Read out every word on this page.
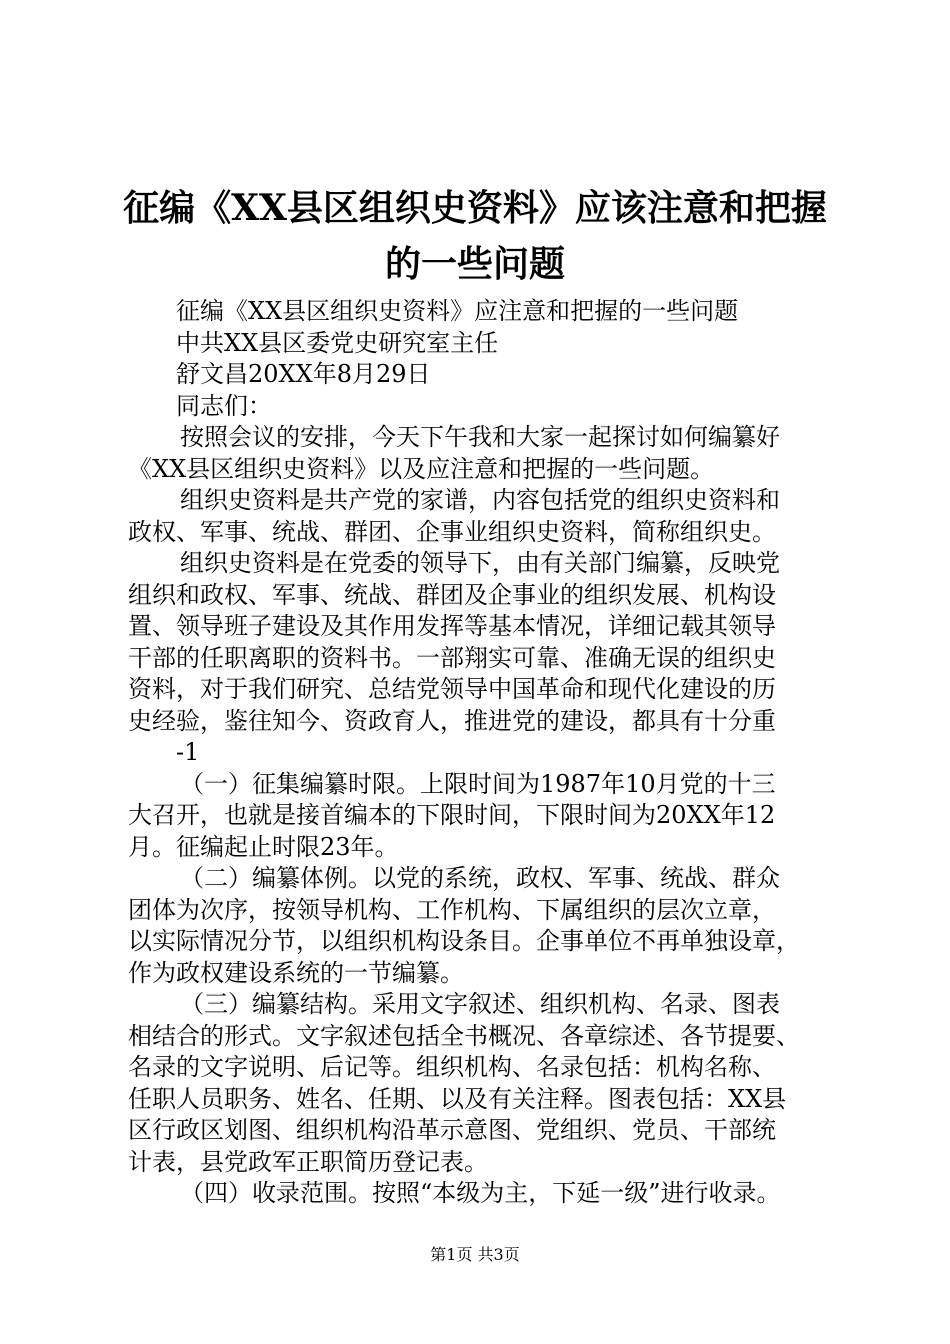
征编《XX县区组织史资料》应该注意和把握
的一些问题
征编《XX县区组织史资料》应注意和把握的一些问题
中共XX县区委党史研究室主任
舒文昌20XX年8月29日
同志们：
按照会议的安排，今天下午我和大家一起探讨如何编纂好
《XX县区组织史资料》以及应注意和把握的一些问题。
组织史资料是共产党的家谱，内容包括党的组织史资料和
政权、军事、统战、群团、企事业组织史资料，简称组织史。
组织史资料是在党委的领导下，由有关部门编纂，反映党
组织和政权、军事、统战、群团及企事业的组织发展、机构设
置、领导班子建设及其作用发挥等基本情况，详细记载其领导
干部的任职离职的资料书。一部翔实可靠、准确无误的组织史
资料，对于我们研究、总结党领导中国革命和现代化建设的历
史经验，鉴往知今、资政育人，推进党的建设，都具有十分重
-1
（一）征集编纂时限。上限时间为1987年10月党的十三
大召开，也就是接首编本的下限时间，下限时间为20XX年12
月。征编起止时限23年。
（二）编纂体例。以党的系统，政权、军事、统战、群众
团体为次序，按领导机构、工作机构、下属组织的层次立章，
以实际情况分节，以组织机构设条目。企事单位不再单独设章，
作为政权建设系统的一节编纂。
（三）编纂结构。采用文字叙述、组织机构、名录、图表
相结合的形式。文字叙述包括全书概况、各章综述、各节提要、
名录的文字说明、后记等。组织机构、名录包括：机构名称、
任职人员职务、姓名、任期、以及有关注释。图表包括：XX县
区行政区划图、组织机构沿革示意图、党组织、党员、干部统
计表，县党政军正职简历登记表。
（四）收录范围。按照“本级为主，下延一级”进行收录。
第1页 共3页
